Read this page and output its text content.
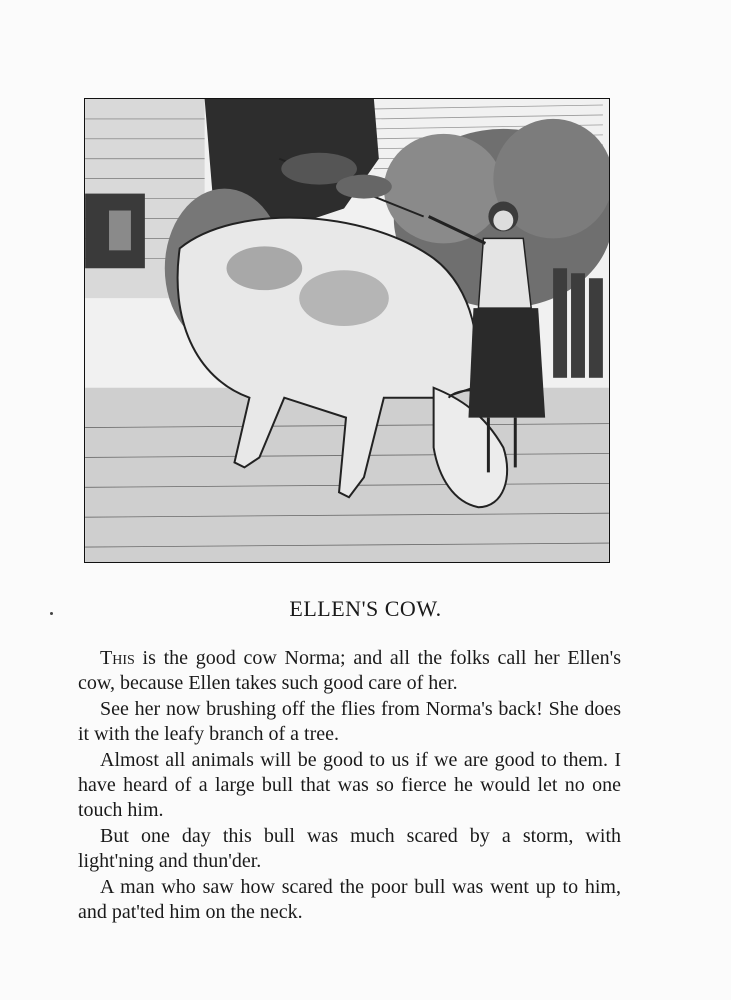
ELLEN'S COW.

This is the good cow Norma; and all the folks call her Ellen's cow, because Ellen takes such good care of her.

See her now brushing off the flies from Norma's back! She does it with the leafy branch of a tree.

Almost all animals will be good to us if we are good to them. I have heard of a large bull that was so fierce he would let no one touch him.

But one day this bull was much scared by a storm, with light'ning and thun'der.

A man who saw how scared the poor bull was went up to him, and pat'ted him on the neck.
